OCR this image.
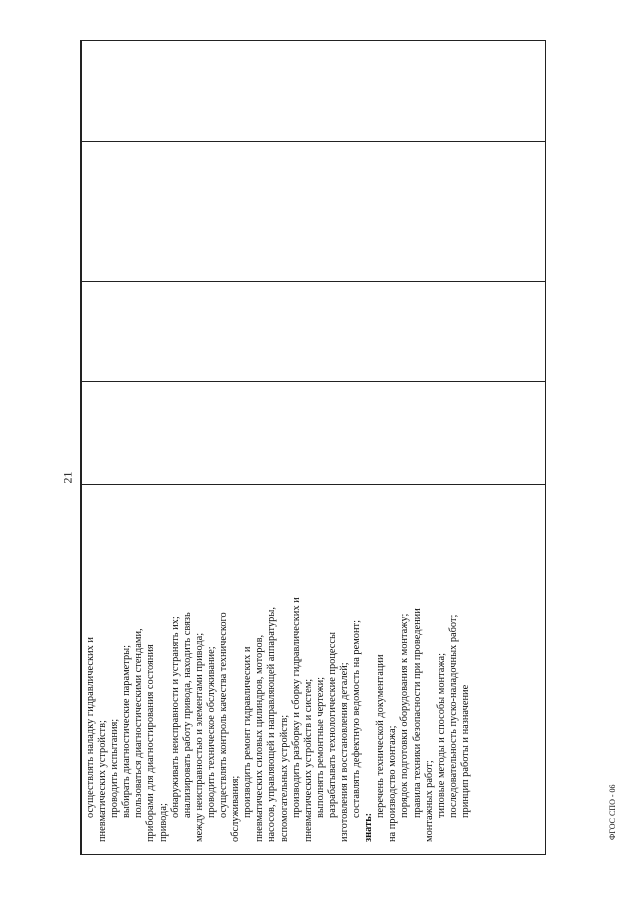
21
осуществлять наладку гидравлических и пневматических устройств; проводить испытания; выбирать диагностические параметры; пользоваться диагностическими стендами, приборами для диагностирования состояния привода;
обнаруживать неисправности и устранять их; анализировать работу привода, находить связь между неисправностью и элементами привода; проводить техническое обслуживание; осуществлять контроль качества технического обслуживания; производить ремонт гидравлических и пневматических силовых цилиндров, моторов, насосов, управляющей и направляющей аппаратуры, вспомогательных устройств; производить разборку и сборку гидравлических и пневматических устройств и систем; выполнять ремонтные чертежи; разрабатывать технологические процессы изготовления и восстановления деталей; составлять дефектную ведомость на ремонт;
знать:
перечень технической документации на производство монтажа; порядок подготовки оборудования к монтажу; правила техники безопасности при проведении монтажных работ; типовые методы и способы монтажа; последовательность пуско-наладочных работ; принцип работы и назначение	ФГОС СПО - 06
